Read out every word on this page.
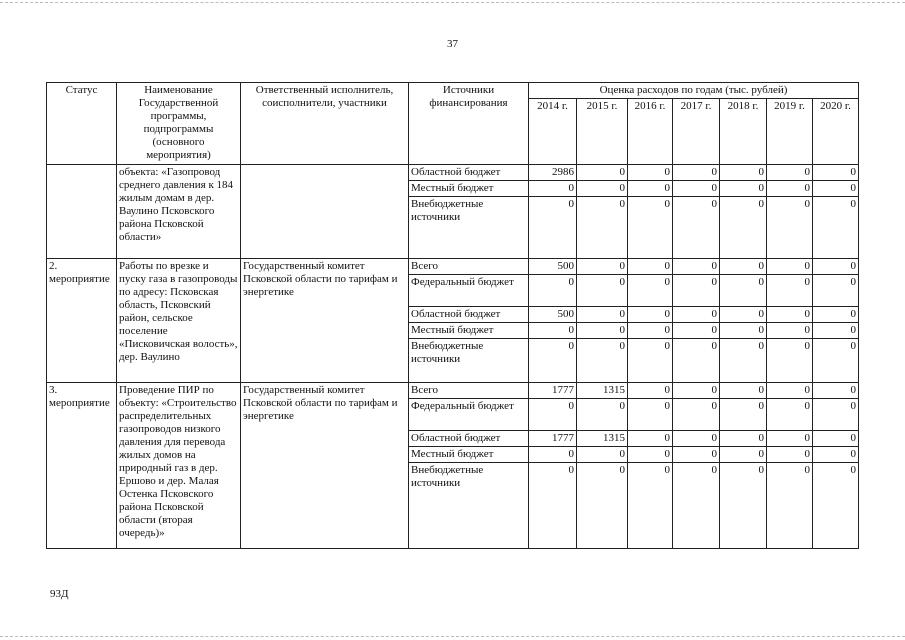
37
Статус	Наименование Государственной программы, подпрограммы (основного мероприятия)	Ответственный исполнитель, соисполнители, участники	Источники финансирования	Оценка расходов по годам (тыс. рублей)						
				2014 г.	2015 г.	2016 г.	2017 г.	2018 г.	2019 г.	2020 г.
	объекта: «Газопровод среднего давления к 184 жилым домам в дер. Ваулино Псковского района Псковской области»		Областной бюджет	2986	0	0	0	0	0	0
			Местный бюджет	0	0	0	0	0	0	0
			Внебюджетные источники	0	0	0	0	0	0	0
2. мероприятие	Работы по врезке и пуску газа в газопроводы по адресу: Псковская область, Псковский район, сельское поселение «Писковичская волость», дер. Ваулино	Государственный комитет Псковской области по тарифам и энергетике	Всего	500	0	0	0	0	0	0
			Федеральный бюджет	0	0	0	0	0	0	0
			Областной бюджет	500	0	0	0	0	0	0
			Местный бюджет	0	0	0	0	0	0	0
			Внебюджетные источники	0	0	0	0	0	0	0
3. мероприятие	Проведение ПИР по объекту: «Строительство распределительных газопроводов низкого давления для перевода жилых домов на природный газ в дер. Ершово и дер. Малая Остенка Псковского района Псковской области (вторая очередь)»	Государственный комитет Псковской области по тарифам и энергетике	Всего	1777	1315	0	0	0	0	0
			Федеральный бюджет	0	0	0	0	0	0	0
			Областной бюджет	1777	1315	0	0	0	0	0
			Местный бюджет	0	0	0	0	0	0	0
			Внебюджетные источники	0	0	0	0	0	0	0
93Д
